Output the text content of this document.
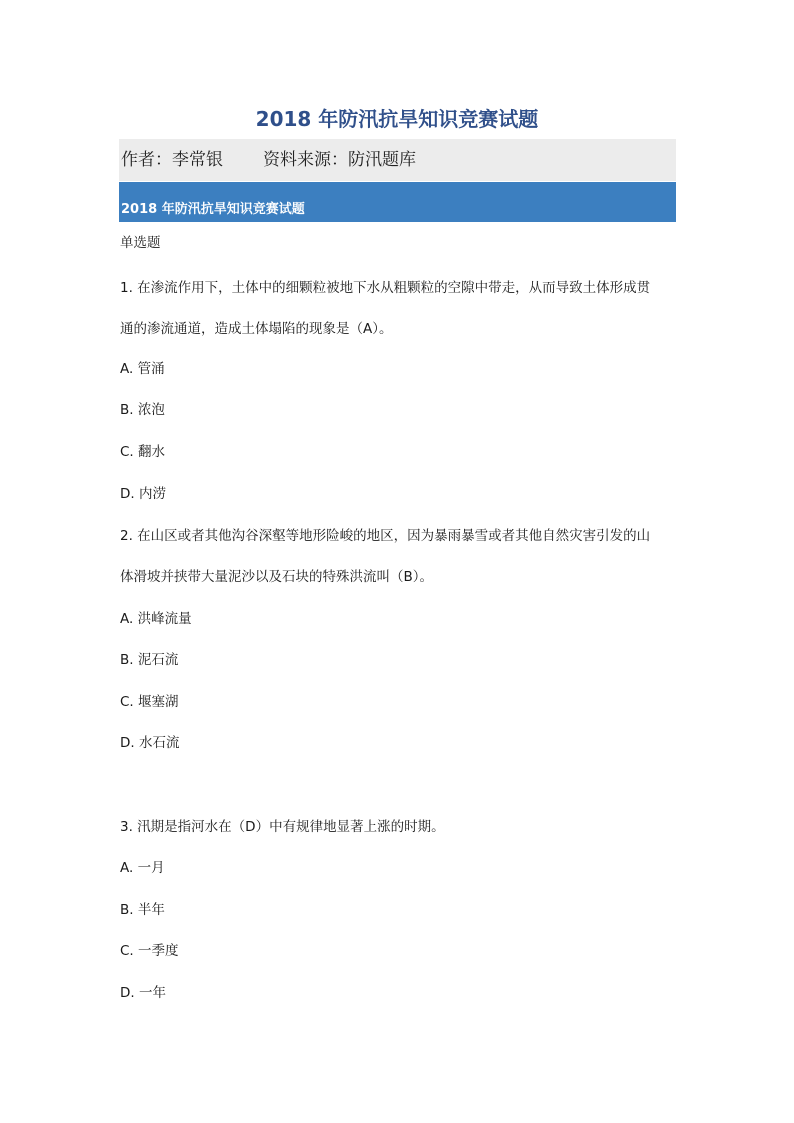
2018 年防汛抗旱知识竞赛试题
作者：李常银 资料来源：防汛题库
2018 年防汛抗旱知识竞赛试题
单选题
1. 在渗流作用下，土体中的细颗粒被地下水从粗颗粒的空隙中带走，从而导致土体形成贯
通的渗流通道，造成土体塌陷的现象是（A）。
A. 管涌
B. 浓泡
C. 翻水
D. 内涝
2. 在山区或者其他沟谷深壑等地形险峻的地区，因为暴雨暴雪或者其他自然灾害引发的山
体滑坡并挟带大量泥沙以及石块的特殊洪流叫（B）。
A. 洪峰流量
B. 泥石流
C. 堰塞湖
D. 水石流
3. 汛期是指河水在（D）中有规律地显著上涨的时期。
A. 一月
B. 半年
C. 一季度
D. 一年
